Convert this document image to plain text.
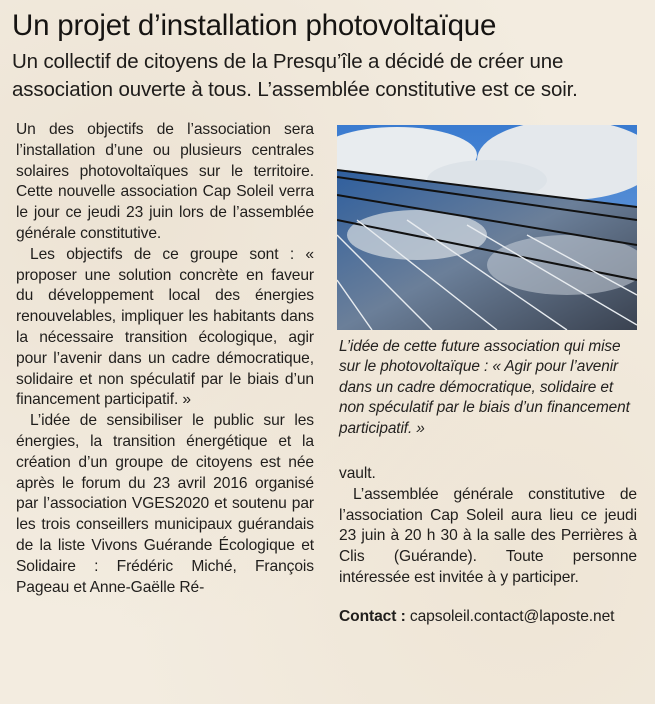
Un projet d’installation photovoltaïque

Un collectif de citoyens de la Presqu’île a décidé de créer une association ouverte à tous. L’assemblée constitutive est ce soir.

Un des objectifs de l’association sera l’installation d’une ou plusieurs centrales solaires photovoltaïques sur le territoire. Cette nouvelle association Cap Soleil verra le jour ce jeudi 23 juin lors de l’assemblée générale constitutive.

Les objectifs de ce groupe sont : « proposer une solution concrète en faveur du développement local des énergies renouvelables, impliquer les habitants dans la nécessaire transition écologique, agir pour l’avenir dans un cadre démocratique, solidaire et non spéculatif par le biais d’un financement participatif. »

L’idée de sensibiliser le public sur les énergies, la transition énergétique et la création d’un groupe de citoyens est née après le forum du 23 avril 2016 organisé par l’association VGES2020 et soutenu par les trois conseillers municipaux guérandais de la liste Vivons Guérande Écologique et Solidaire : Frédéric Miché, François Pageau et Anne-Gaëlle Ré-

L’idée de cette future association qui mise sur le photovoltaïque : « Agir pour l’avenir dans un cadre démocratique, solidaire et non spéculatif par le biais d’un financement participatif. »

vault.

L’assemblée générale constitutive de l’association Cap Soleil aura lieu ce jeudi 23 juin à 20 h 30 à la salle des Perrières à Clis (Guérande). Toute personne intéressée est invitée à y participer.

Contact : capsoleil.contact@laposte.net
